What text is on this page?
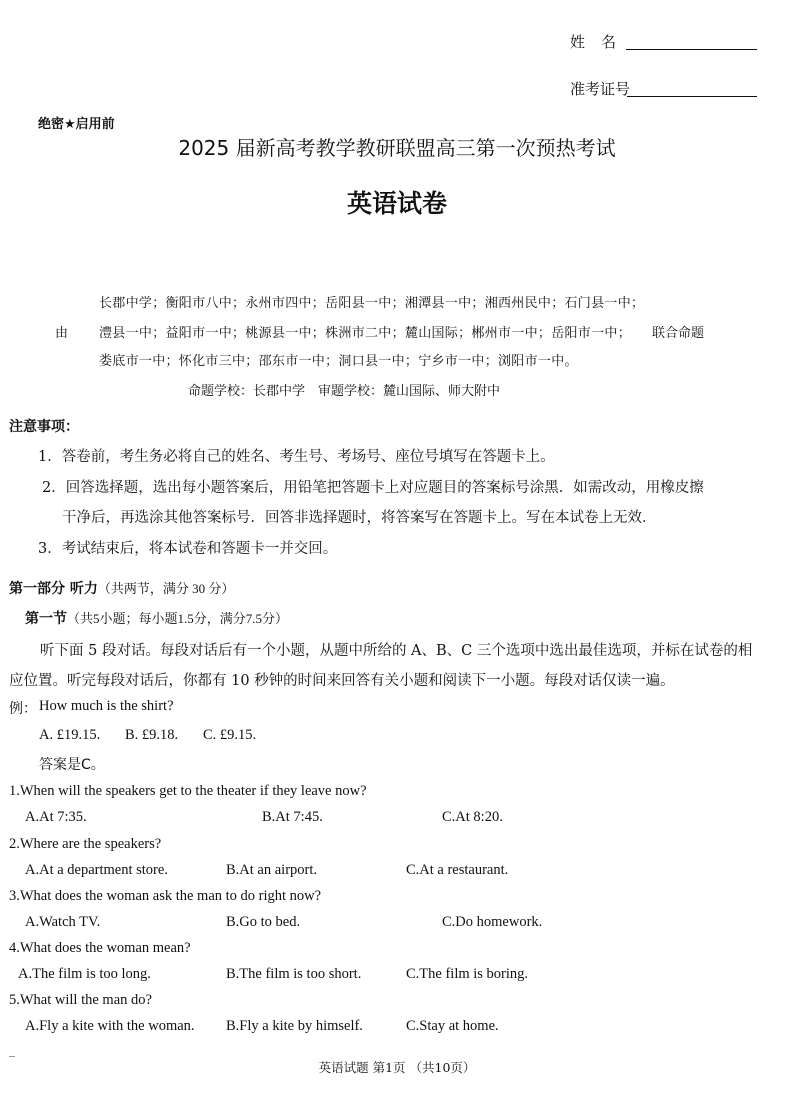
姓名
准考证号
绝密★启用前
2025 届新高考教学教研联盟高三第一次预热考试
英语试卷
长郡中学；衡阳市八中；永州市四中；岳阳县一中；湘潭县一中；湘西州民中；石门县一中；
由 澧县一中；益阳市一中；桃源县一中；株洲市二中；麓山国际；郴州市一中；岳阳市一中； 联合命题
娄底市一中；怀化市三中；邵东市一中；洞口县一中；宁乡市一中；浏阳市一中。
命题学校：长郡中学　审题学校：麓山国际、师大附中
注意事项：
1．答卷前，考生务必将自己的姓名、考生号、考场号、座位号填写在答题卡上。
2．回答选择题，选出每小题答案后，用铅笔把答题卡上对应题目的答案标号涂黑．如需改动，用橡皮擦
干净后，再选涂其他答案标号．回答非选择题时，将答案写在答题卡上。写在本试卷上无效．
3．考试结束后，将本试卷和答题卡一并交回。
第一部分 听力（共两节，满分 30 分）
第一节（共5小题；每小题1.5分，满分7.5分）
听下面 5 段对话。每段对话后有一个小题，从题中所给的 A、B、C 三个选项中选出最佳选项，并标在试卷的相
应位置。听完每段对话后，你都有 10 秒钟的时间来回答有关小题和阅读下一小题。每段对话仅读一遍。
例： How much is the shirt?
A. £19.15. B. £9.18. C. £9.15.
答案是C。
1.When will the speakers get to the theater if they leave now?
A.At 7:35.	B.At 7:45.	C.At 8:20.
2.Where are the speakers?
A.At a department store.	B.At an airport.	C.At a restaurant.
3.What does the woman ask the man to do right now?
A.Watch TV.	B.Go to bed.	C.Do homework.
4.What does the woman mean?
A.The film is too long.	B.The film is too short.	C.The film is boring.
5.What will the man do?
A.Fly a kite with the woman. B.Fly a kite by himself.	C.Stay at home.
英语试题 第1页 （共10页）
